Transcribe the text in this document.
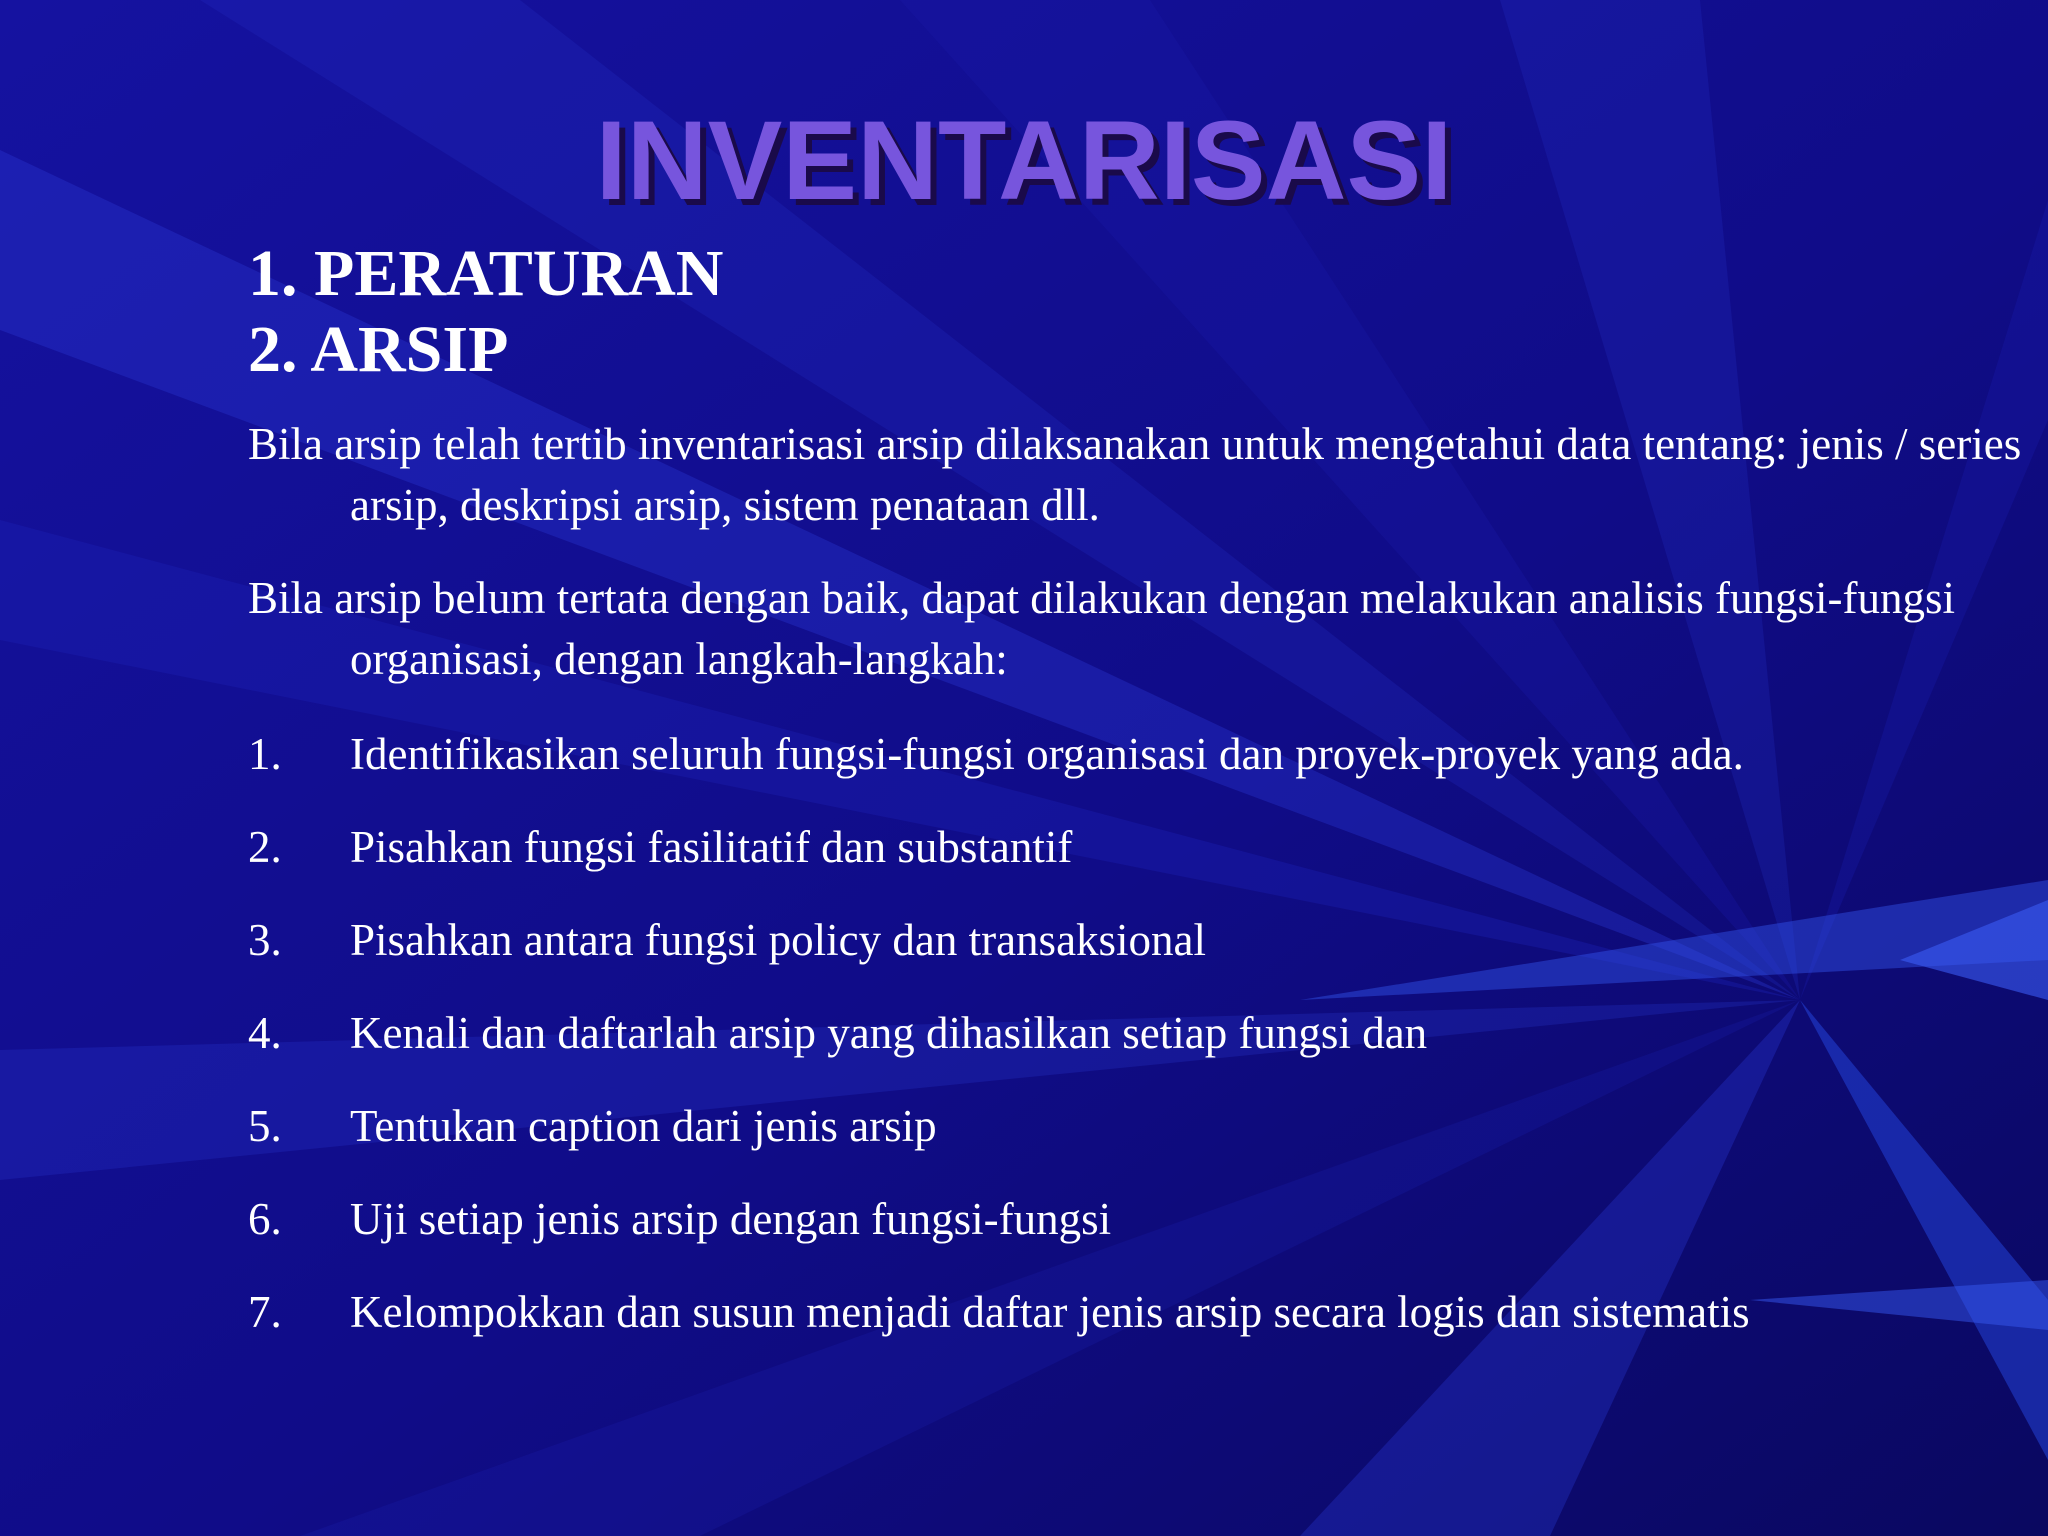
INVENTARISASI
1. PERATURAN
2. ARSIP

Bila arsip telah tertib inventarisasi arsip dilaksanakan untuk mengetahui data tentang: jenis / series arsip, deskripsi arsip, sistem penataan dll.

Bila arsip belum tertata dengan baik, dapat dilakukan dengan melakukan analisis fungsi-fungsi organisasi, dengan langkah-langkah:

1. Identifikasikan seluruh fungsi-fungsi organisasi dan proyek-proyek yang ada.
2. Pisahkan fungsi fasilitatif dan substantif
3. Pisahkan antara fungsi policy dan transaksional
4. Kenali dan daftarlah arsip yang dihasilkan setiap fungsi dan
5. Tentukan caption dari jenis arsip
6. Uji setiap jenis arsip dengan fungsi-fungsi
7. Kelompokkan dan susun menjadi daftar jenis arsip secara logis dan sistematis
